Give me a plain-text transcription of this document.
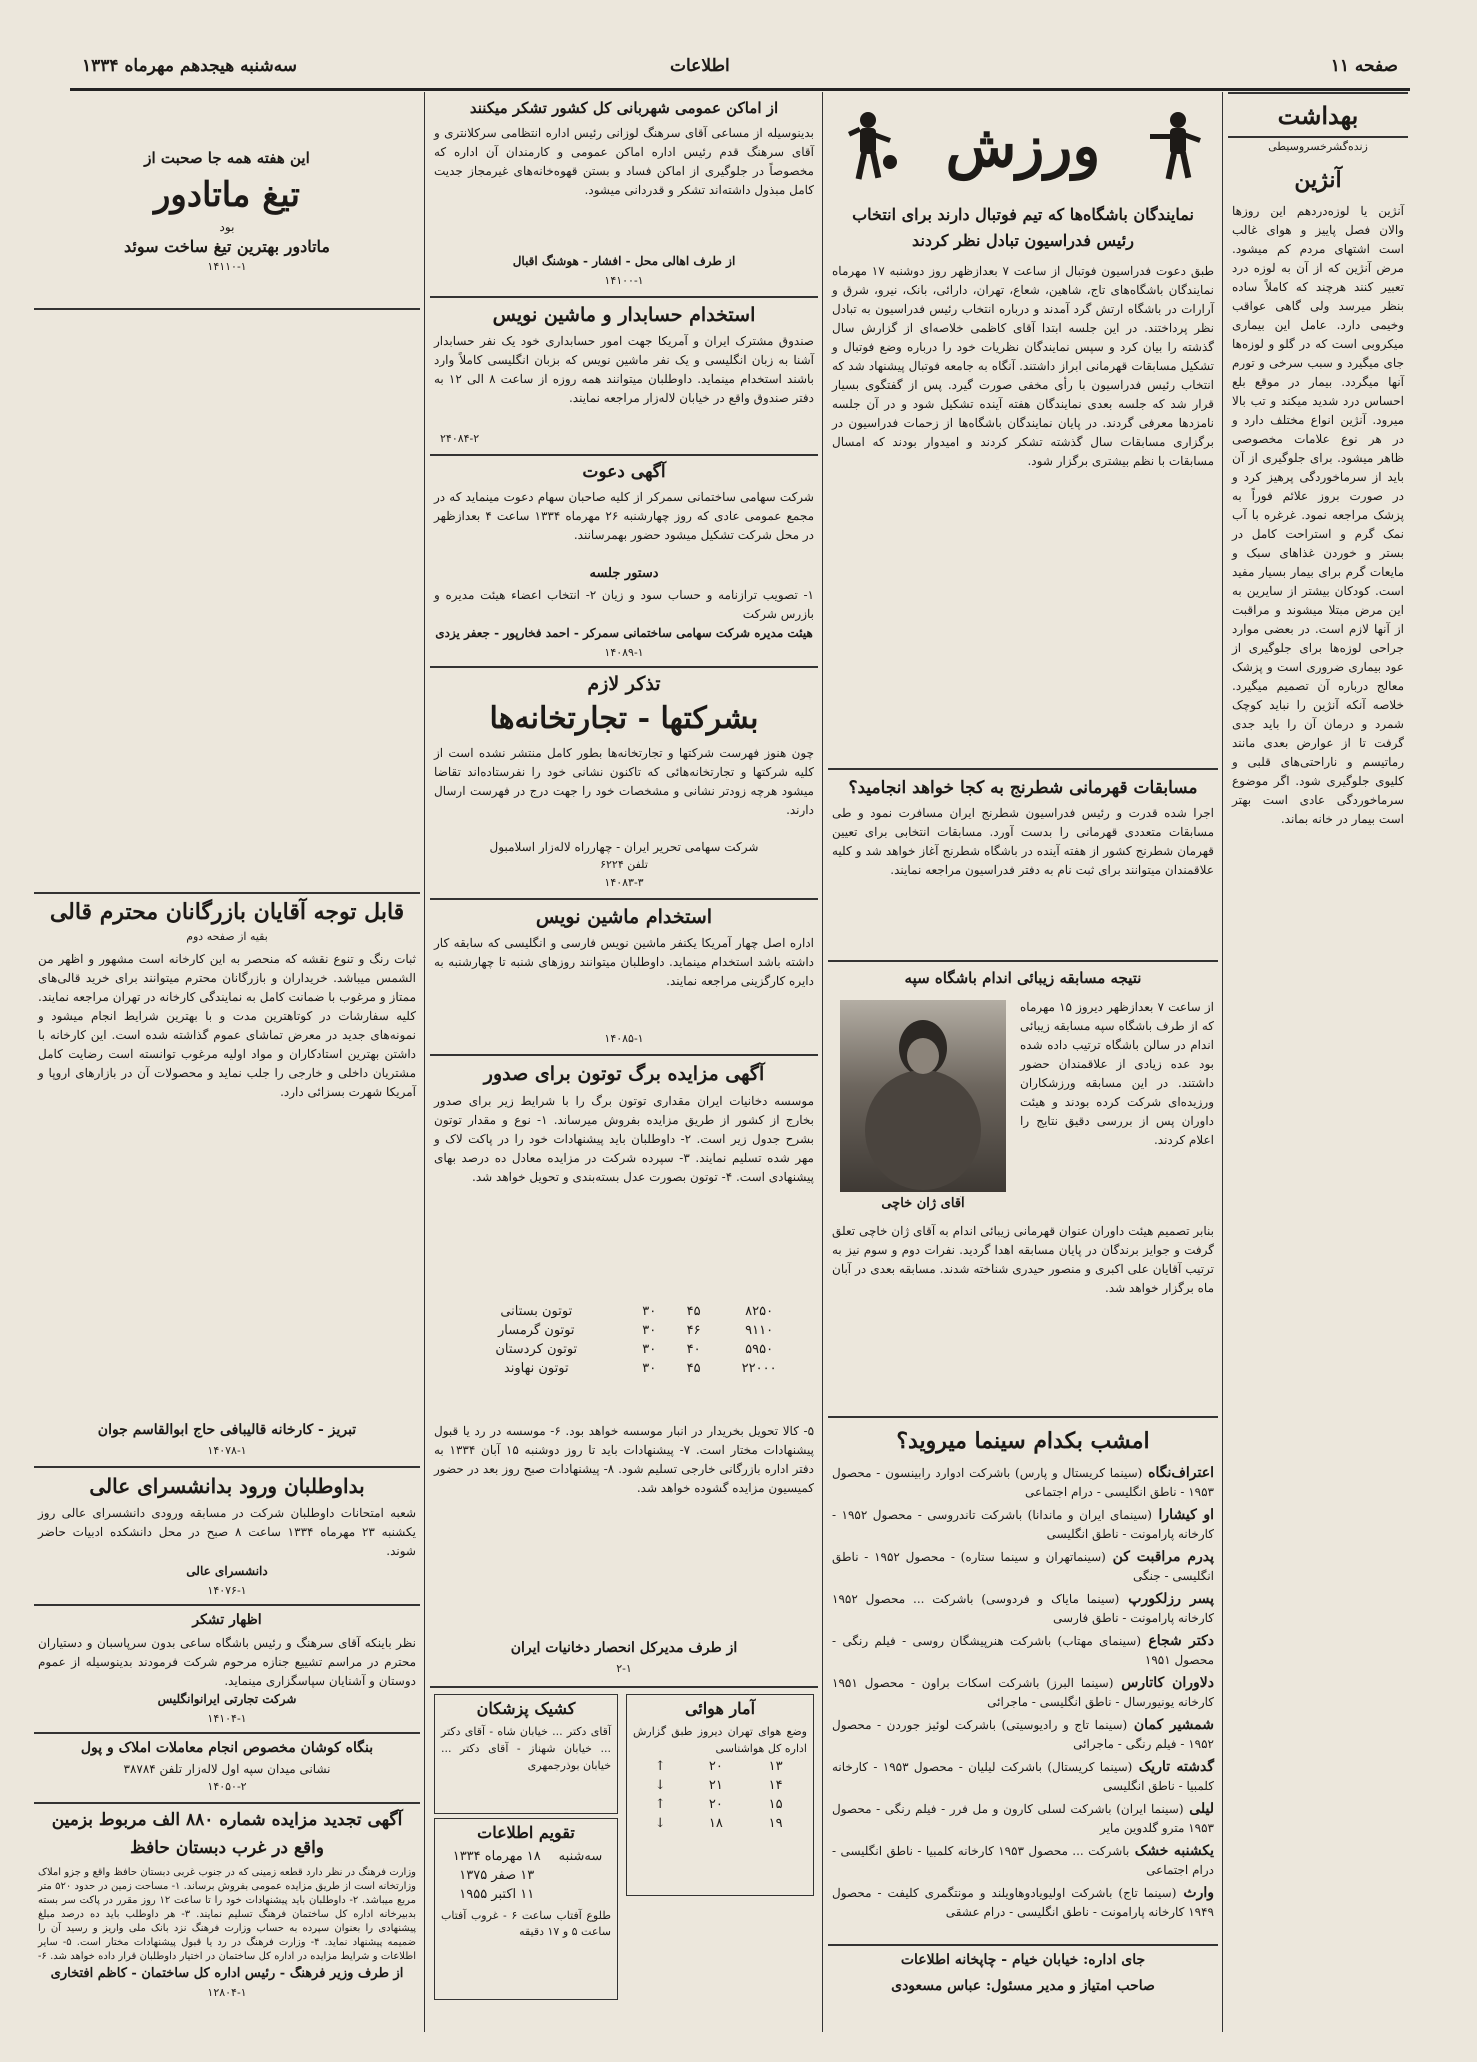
سه‌شنبه هیجدهم مهرماه ۱۳۳۴	اطلاعات	صفحه ۱۱
بهداشت
زنده‌گشرخسروسیطی
آنژین
آنژین یا لوزه‌دردهم این روزها والان فصل پاییز و هوای غالب است اشتهای مردم کم میشود. مرض آنژین که از آن به لوزه درد تعبیر کنند هرچند که کاملاً ساده بنظر میرسد ولی گاهی عواقب وخیمی دارد. عامل این بیماری میکروبی است که در گلو و لوزه‌ها جای میگیرد و سبب سرخی و تورم آنها میگردد. بیمار در موقع بلع احساس درد شدید میکند و تب بالا میرود. آنژین انواع مختلف دارد و در هر نوع علامات مخصوصی ظاهر میشود. برای جلوگیری از آن باید از سرماخوردگی پرهیز کرد و در صورت بروز علائم فوراً به پزشک مراجعه نمود. غرغره با آب نمک گرم و استراحت کامل در بستر و خوردن غذاهای سبک و مایعات گرم برای بیمار بسیار مفید است. کودکان بیشتر از سایرین به این مرض مبتلا میشوند و مراقبت از آنها لازم است. در بعضی موارد جراحی لوزه‌ها برای جلوگیری از عود بیماری ضروری است و پزشک معالج درباره آن تصمیم میگیرد. خلاصه آنکه آنژین را نباید کوچک شمرد و درمان آن را باید جدی گرفت تا از عوارض بعدی مانند رماتیسم و ناراحتی‌های قلبی و کلیوی جلوگیری شود. اگر موضوع سرماخوردگی عادی است بهتر است بیمار در خانه بماند.
ورزش
نمایندگان باشگاه‌ها که تیم فوتبال دارند برای انتخاب رئیس فدراسیون تبادل نظر کردند
طبق دعوت فدراسیون فوتبال از ساعت ۷ بعدازظهر روز دوشنبه ۱۷ مهرماه نمایندگان باشگاه‌های تاج، شاهین، شعاع، تهران، دارائی، بانک، نیرو، شرق و آرارات در باشگاه ارتش گرد آمدند و درباره انتخاب رئیس فدراسیون به تبادل نظر پرداختند. در این جلسه ابتدا آقای کاظمی خلاصه‌ای از گزارش سال گذشته را بیان کرد و سپس نمایندگان نظریات خود را درباره وضع فوتبال و تشکیل مسابقات قهرمانی ابراز داشتند. آنگاه به جامعه فوتبال پیشنهاد شد که انتخاب رئیس فدراسیون با رأی مخفی صورت گیرد. پس از گفتگوی بسیار قرار شد که جلسه بعدی نمایندگان هفته آینده تشکیل شود و در آن جلسه نامزدها معرفی گردند. در پایان نمایندگان باشگاه‌ها از زحمات فدراسیون در برگزاری مسابقات سال گذشته تشکر کردند و امیدوار بودند که امسال مسابقات با نظم بیشتری برگزار شود.
مسابقات قهرمانی شطرنج به کجا خواهد انجامید؟
اجرا شده قدرت و رئیس فدراسیون شطرنج ایران مسافرت نمود و طی مسابقات متعددی قهرمانی را بدست آورد. مسابقات انتخابی برای تعیین قهرمان شطرنج کشور از هفته آینده در باشگاه شطرنج آغاز خواهد شد و کلیه علاقمندان میتوانند برای ثبت نام به دفتر فدراسیون مراجعه نمایند.
نتیجه مسابقه زیبائی اندام باشگاه سپه
آقای ژان خاچی
از ساعت ۷ بعدازظهر دیروز ۱۵ مهرماه که از طرف باشگاه سپه مسابقه زیبائی اندام در سالن باشگاه ترتیب داده شده بود عده زیادی از علاقمندان حضور داشتند. در این مسابقه ورزشکاران ورزیده‌ای شرکت کرده بودند و هیئت داوران پس از بررسی دقیق نتایج را اعلام کردند.
بنابر تصمیم هیئت داوران عنوان قهرمانی زیبائی اندام به آقای ژان خاچی تعلق گرفت و جوایز برندگان در پایان مسابقه اهدا گردید. نفرات دوم و سوم نیز به ترتیب آقایان علی اکبری و منصور حیدری شناخته شدند. مسابقه بعدی در آبان ماه برگزار خواهد شد.
امشب بکدام سینما میروید؟
اعتراف‌نگاه (سینما کریستال و پارس) باشرکت ادوارد رابینسون - محصول ۱۹۵۳ - ناطق انگلیسی - درام اجتماعی
او کیشارا (سینمای ایران و ماندانا) باشرکت تاندروسی - محصول ۱۹۵۲ - کارخانه پارامونت - ناطق انگلیسی
پدرم مراقبت کن (سینماتهران و سینما ستاره) - محصول ۱۹۵۲ - ناطق انگلیسی - جنگی
پسر رزلکورپ (سینما مایاک و فردوسی) باشرکت ... محصول ۱۹۵۲ کارخانه پارامونت - ناطق فارسی
دکتر شجاع (سینمای مهتاب) باشرکت هنرپیشگان روسی - فیلم رنگی - محصول ۱۹۵۱
دلاوران کاتارس (سینما البرز) باشرکت اسکات براون - محصول ۱۹۵۱ کارخانه یونیورسال - ناطق انگلیسی - ماجرائی
شمشیر کمان (سینما تاج و رادیوسیتی) باشرکت لوئیز جوردن - محصول ۱۹۵۲ - فیلم رنگی - ماجرائی
گدشته تاریک (سینما کریستال) باشرکت لیلیان - محصول ۱۹۵۳ - کارخانه کلمبیا - ناطق انگلیسی
لیلی (سینما ایران) باشرکت لسلی کارون و مل فرر - فیلم رنگی - محصول ۱۹۵۳ مترو گلدوین مایر
یکشنبه خشک باشرکت ... محصول ۱۹۵۳ کارخانه کلمبیا - ناطق انگلیسی - درام اجتماعی
وارث (سینما تاج) باشرکت اولیویادوهاویلند و مونتگمری کلیفت - محصول ۱۹۴۹ کارخانه پارامونت - ناطق انگلیسی - درام عشقی
جای اداره: خیابان خیام - چاپخانه اطلاعات
صاحب امتیاز و مدیر مسئول: عباس مسعودی
از اماکن عمومی شهربانی کل کشور تشکر میکنند
بدینوسیله از مساعی آقای سرهنگ لوزانی رئیس اداره انتظامی سرکلانتری و آقای سرهنگ قدم رئیس اداره اماکن عمومی و کارمندان آن اداره که مخصوصاً در جلوگیری از اماکن فساد و بستن قهوه‌خانه‌های غیرمجاز جدیت کامل مبذول داشته‌اند تشکر و قدردانی میشود.
از طرف اهالی محل - افشار - هوشنگ اقبال
۱۴۱۰۰-۱
استخدام حسابدار و ماشین نویس
صندوق مشترک ایران و آمریکا جهت امور حسابداری خود یک نفر حسابدار آشنا به زبان انگلیسی و یک نفر ماشین نویس که بزبان انگلیسی کاملاً وارد باشند استخدام مینماید. داوطلبان میتوانند همه روزه از ساعت ۸ الی ۱۲ به دفتر صندوق واقع در خیابان لاله‌زار مراجعه نمایند.
۲۴۰۸۴-۲
آگهی دعوت
شرکت سهامی ساختمانی سمرکر از کلیه صاحبان سهام دعوت مینماید که در مجمع عمومی عادی که روز چهارشنبه ۲۶ مهرماه ۱۳۳۴ ساعت ۴ بعدازظهر در محل شرکت تشکیل میشود حضور بهمرسانند.
دستور جلسه
۱- تصویب ترازنامه و حساب سود و زیان ۲- انتخاب اعضاء هیئت مدیره و بازرس شرکت
هیئت مدیره شرکت سهامی ساختمانی سمرکر - احمد فخارپور - جعفر یزدی
۱۴۰۸۹-۱
تذکر لازم
بشرکتها - تجارتخانه‌ها
چون هنوز فهرست شرکتها و تجارتخانه‌ها بطور کامل منتشر نشده است از کلیه شرکتها و تجارتخانه‌هائی که تاکنون نشانی خود را نفرستاده‌اند تقاضا میشود هرچه زودتر نشانی و مشخصات خود را جهت درج در فهرست ارسال دارند.
شرکت سهامی تحریر ایران - چهارراه لاله‌زار اسلامبول
تلفن ۶۲۲۴
۱۴۰۸۳-۳
استخدام ماشین نویس
اداره اصل چهار آمریکا یکنفر ماشین نویس فارسی و انگلیسی که سابقه کار داشته باشد استخدام مینماید. داوطلبان میتوانند روزهای شنبه تا چهارشنبه به دایره کارگزینی مراجعه نمایند.
۱۴۰۸۵-۱
آگهی مزایده برگ توتون برای صدور
موسسه دخانیات ایران مقداری توتون برگ را با شرایط زیر برای صدور بخارج از کشور از طریق مزایده بفروش میرساند. ۱- نوع و مقدار توتون بشرح جدول زیر است. ۲- داوطلبان باید پیشنهادات خود را در پاکت لاک و مهر شده تسلیم نمایند. ۳- سپرده شرکت در مزایده معادل ده درصد بهای پیشنهادی است. ۴- توتون بصورت عدل بسته‌بندی و تحویل خواهد شد.
۸۲۵۰	۴۵	۳۰	توتون بستانی
۹۱۱۰	۴۶	۳۰	توتون گرمسار
۵۹۵۰	۴۰	۳۰	توتون کردستان
۲۲۰۰۰	۴۵	۳۰	توتون نهاوند
۵- کالا تحویل بخریدار در انبار موسسه خواهد بود. ۶- موسسه در رد یا قبول پیشنهادات مختار است. ۷- پیشنهادات باید تا روز دوشنبه ۱۵ آبان ۱۳۳۴ به دفتر اداره بازرگانی خارجی تسلیم شود. ۸- پیشنهادات صبح روز بعد در حضور کمیسیون مزایده گشوده خواهد شد.
از طرف مدیرکل انحصار دخانیات ایران
۲-۱
کشیک پزشکان
آقای دکتر ... خیابان شاه - آقای دکتر ... خیابان شهناز - آقای دکتر ... خیابان بوذرجمهری
آمار هوائی
وضع هوای تهران دیروز طبق گزارش اداره کل هواشناسی
۱۳	۲۰	↑
۱۴	۲۱	↓
۱۵	۲۰	↑
۱۹	۱۸	↓
تقویم اطلاعات
سه‌شنبه	۱۸ مهرماه ۱۳۳۴
	۱۳ صفر ۱۳۷۵
	۱۱ اکتبر ۱۹۵۵
طلوع آفتاب ساعت ۶ - غروب آفتاب ساعت ۵ و ۱۷ دقیقه
این هفته همه جا صحبت از
تیغ ماتادور
بود
ماتادور بهترین تیغ ساخت سوئد
۱۴۱۱۰-۱
قابل توجه آقایان بازرگانان محترم قالی
بقیه از صفحه دوم
ثبات رنگ و تنوع نقشه که منحصر به این کارخانه است مشهور و اظهر من الشمس میباشد. خریداران و بازرگانان محترم میتوانند برای خرید قالی‌های ممتاز و مرغوب با ضمانت کامل به نمایندگی کارخانه در تهران مراجعه نمایند. کلیه سفارشات در کوتاهترین مدت و با بهترین شرایط انجام میشود و نمونه‌های جدید در معرض تماشای عموم گذاشته شده است. این کارخانه با داشتن بهترین استادکاران و مواد اولیه مرغوب توانسته است رضایت کامل مشتریان داخلی و خارجی را جلب نماید و محصولات آن در بازارهای اروپا و آمریکا شهرت بسزائی دارد.
تبریز - کارخانه قالیبافی حاج ابوالقاسم جوان
۱۴۰۷۸-۱
بداوطلبان ورود بدانشسرای عالی
شعبه امتحانات داوطلبان شرکت در مسابقه ورودی دانشسرای عالی روز یکشنبه ۲۳ مهرماه ۱۳۳۴ ساعت ۸ صبح در محل دانشکده ادبیات حاضر شوند.
دانشسرای عالی
۱۴۰۷۶-۱
اظهار تشکر
نظر باینکه آقای سرهنگ و رئیس باشگاه ساعی بدون سرپاسبان و دستیاران محترم در مراسم تشییع جنازه مرحوم شرکت فرمودند بدینوسیله از عموم دوستان و آشنایان سپاسگزاری مینماید.
شرکت تجارتی ایرانوانگلیس
۱۴۱۰۴-۱
بنگاه کوشان مخصوص انجام معاملات املاک و پول
نشانی میدان سپه اول لاله‌زار تلفن ۳۸۷۸۴
۱۴۰۵۰-۲
آگهی تجدید مزایده شماره ۸۸۰ الف مربوط بزمین واقع در غرب دبستان حافظ
وزارت فرهنگ در نظر دارد قطعه زمینی که در جنوب غربی دبستان حافظ واقع و جزو املاک وزارتخانه است از طریق مزایده عمومی بفروش برساند. ۱- مساحت زمین در حدود ۵۲۰ متر مربع میباشد. ۲- داوطلبان باید پیشنهادات خود را تا ساعت ۱۲ روز مقرر در پاکت سر بسته بدبیرخانه اداره کل ساختمان فرهنگ تسلیم نمایند. ۳- هر داوطلب باید ده درصد مبلغ پیشنهادی را بعنوان سپرده به حساب وزارت فرهنگ نزد بانک ملی واریز و رسید آن را ضمیمه پیشنهاد نماید. ۴- وزارت فرهنگ در رد یا قبول پیشنهادات مختار است. ۵- سایر اطلاعات و شرایط مزایده در اداره کل ساختمان در اختیار داوطلبان قرار داده خواهد شد. ۶-
از طرف وزیر فرهنگ - رئیس اداره کل ساختمان - کاظم افتخاری
۱۲۸۰۴-۱
